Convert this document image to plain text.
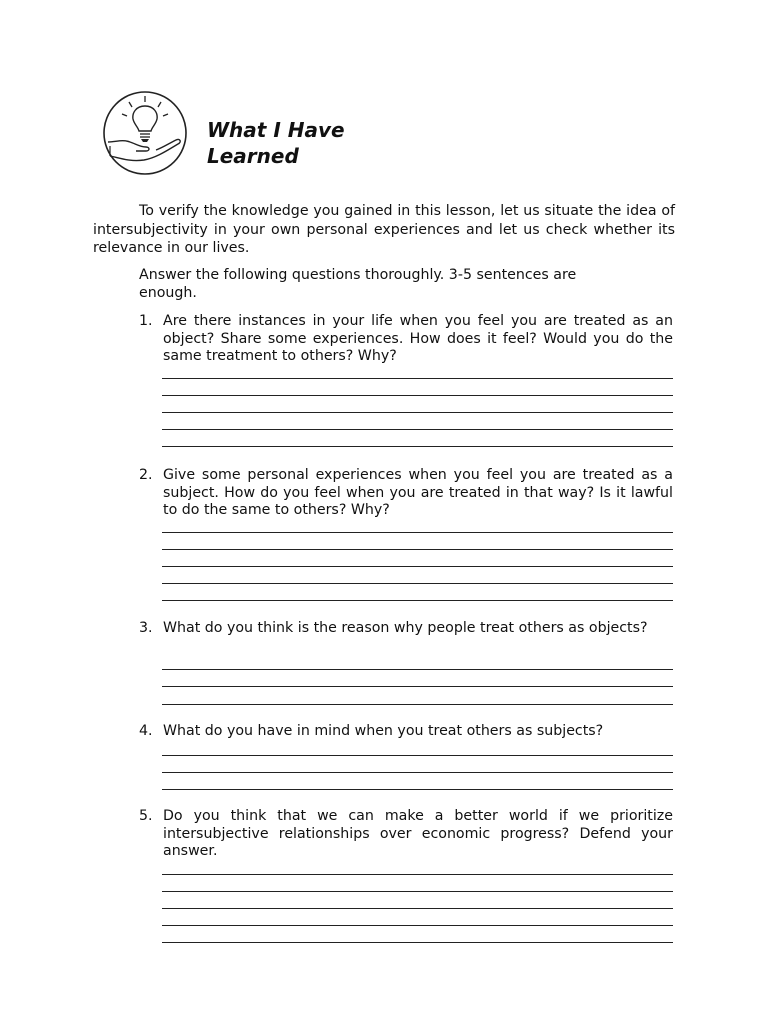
What I Have
Learned

To verify the knowledge you gained in this lesson, let us situate the idea of intersubjectivity in your own personal experiences and let us check whether its relevance in our lives.

Answer the following questions thoroughly. 3-5 sentences are enough.

1. Are there instances in your life when you feel you are treated as an object? Share some experiences. How does it feel? Would you do the same treatment to others? Why?

2. Give some personal experiences when you feel you are treated as a subject. How do you feel when you are treated in that way? Is it lawful to do the same to others? Why?

3. What do you think is the reason why people treat others as objects?

4. What do you have in mind when you treat others as subjects?

5. Do you think that we can make a better world if we prioritize intersubjective relationships over economic progress? Defend your answer.
